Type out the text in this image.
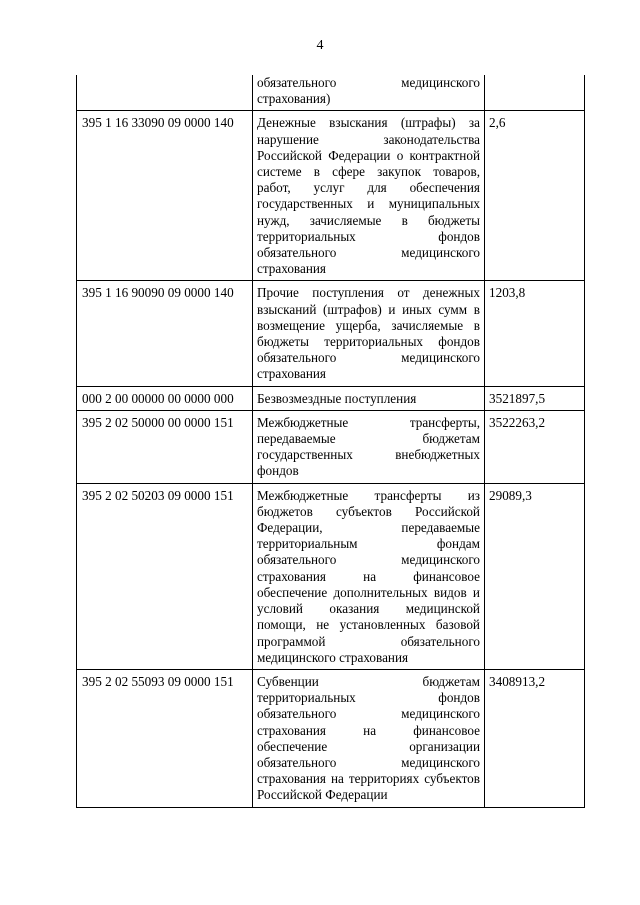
4
	обязательного медицинского страхования)	
395 1 16 33090 09 0000 140	Денежные взыскания (штрафы) за нарушение законодательства Российской Федерации о контрактной системе в сфере закупок товаров, работ, услуг для обеспечения государственных и муниципальных нужд, зачисляемые в бюджеты территориальных фондов обязательного медицинского страхования	2,6
395 1 16 90090 09 0000 140	Прочие поступления от денежных взысканий (штрафов) и иных сумм в возмещение ущерба, зачисляемые в бюджеты территориальных фондов обязательного медицинского страхования	1203,8
000 2 00 00000 00 0000 000	Безвозмездные поступления	3521897,5
395 2 02 50000 00 0000 151	Межбюджетные трансферты, передаваемые бюджетам государственных внебюджетных фондов	3522263,2
395 2 02 50203 09 0000 151	Межбюджетные трансферты из бюджетов субъектов Российской Федерации, передаваемые территориальным фондам обязательного медицинского страхования на финансовое обеспечение дополнительных видов и условий оказания медицинской помощи, не установленных базовой программой обязательного медицинского страхования	29089,3
395 2 02 55093 09 0000 151	Субвенции бюджетам территориальных фондов обязательного медицинского страхования на финансовое обеспечение организации обязательного медицинского страхования на территориях субъектов Российской Федерации	3408913,2
